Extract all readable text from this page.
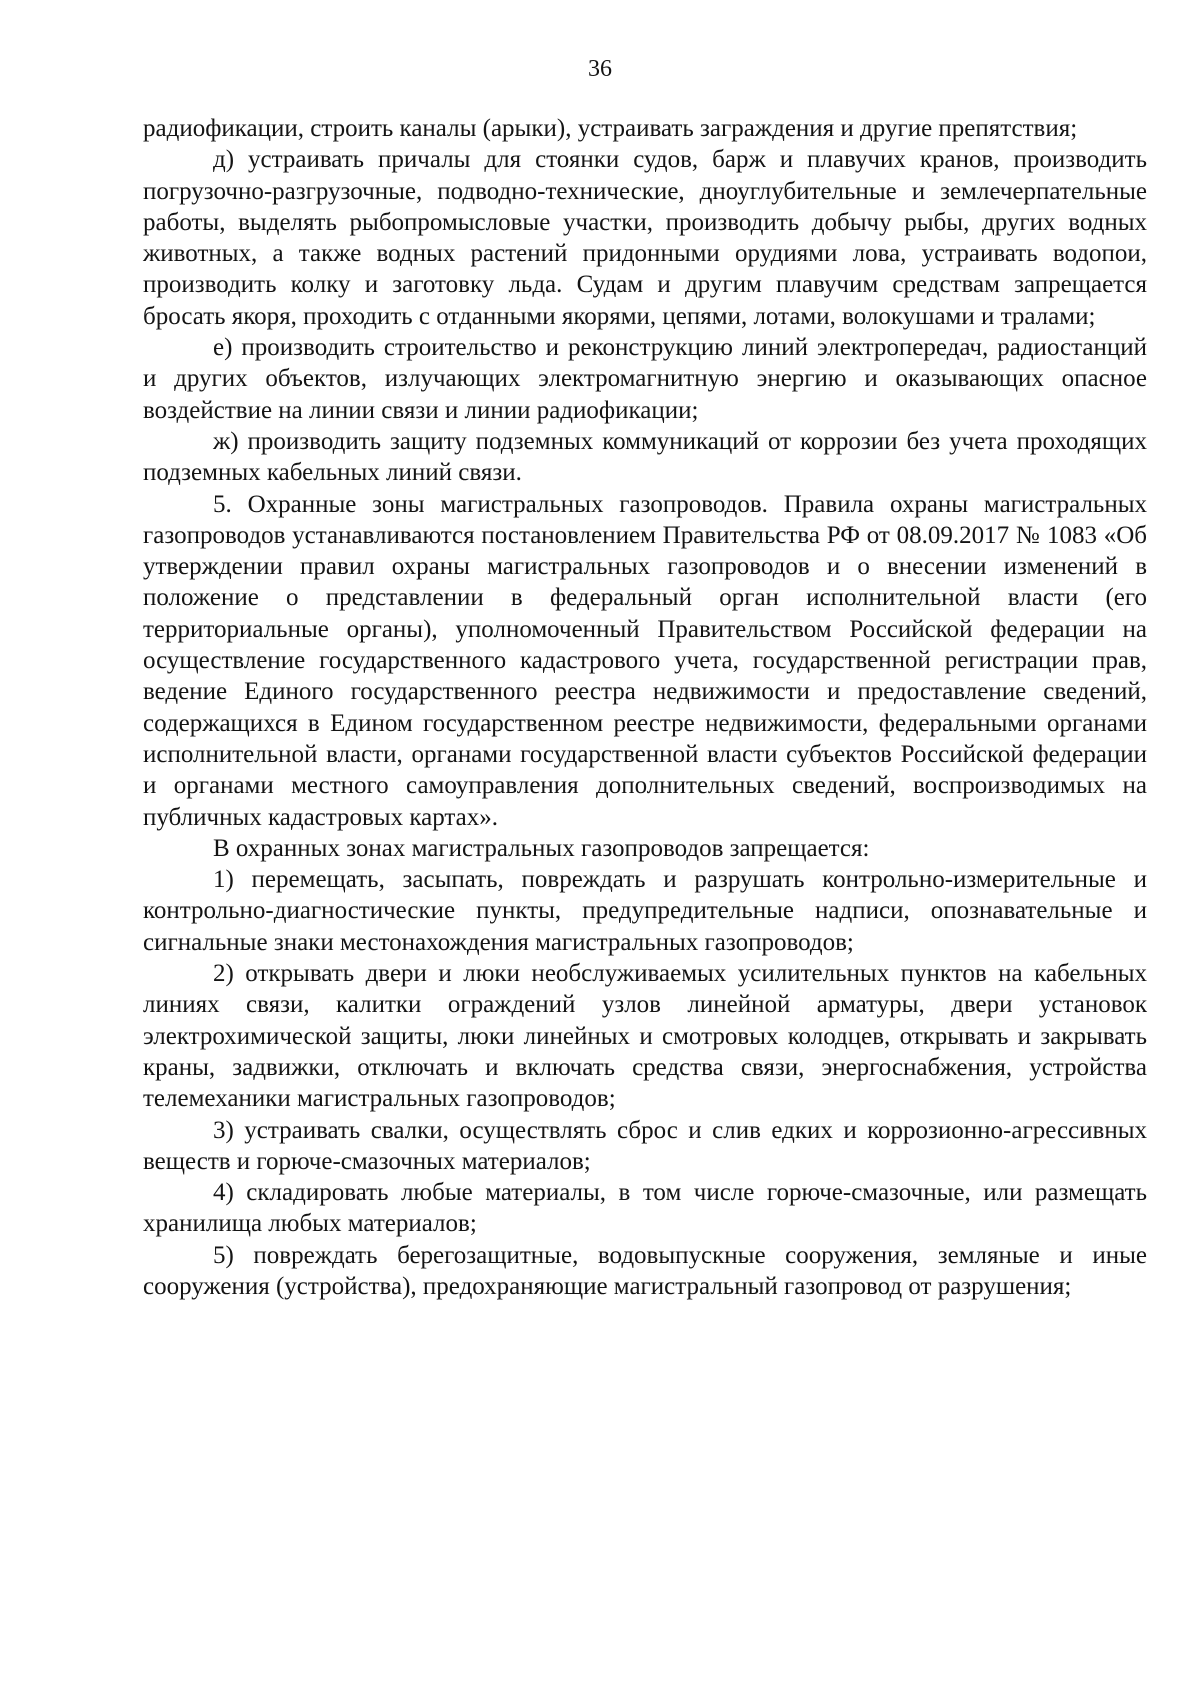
36

радиофикации, строить каналы (арыки), устраивать заграждения и другие препятствия;

д) устраивать причалы для стоянки судов, барж и плавучих кранов, производить погрузочно-разгрузочные, подводно-технические, дноуглубительные и землечерпательные работы, выделять рыбопромысловые участки, производить добычу рыбы, других водных животных, а также водных растений придонными орудиями лова, устраивать водопои, производить колку и заготовку льда. Судам и другим плавучим средствам запрещается бросать якоря, проходить с отданными якорями, цепями, лотами, волокушами и тралами;

е) производить строительство и реконструкцию линий электропередач, радиостанций и других объектов, излучающих электромагнитную энергию и оказывающих опасное воздействие на линии связи и линии радиофикации;

ж) производить защиту подземных коммуникаций от коррозии без учета проходящих подземных кабельных линий связи.

5. Охранные зоны магистральных газопроводов. Правила охраны магистральных газопроводов устанавливаются постановлением Правительства РФ от 08.09.2017 № 1083 «Об утверждении правил охраны магистральных газопроводов и о внесении изменений в положение о представлении в федеральный орган исполнительной власти (его территориальные органы), уполномоченный Правительством Российской федерации на осуществление государственного кадастрового учета, государственной регистрации прав, ведение Единого государственного реестра недвижимости и предоставление сведений, содержащихся в Едином государственном реестре недвижимости, федеральными органами исполнительной власти, органами государственной власти субъектов Российской федерации и органами местного самоуправления дополнительных сведений, воспроизводимых на публичных кадастровых картах».

В охранных зонах магистральных газопроводов запрещается:

1) перемещать, засыпать, повреждать и разрушать контрольно-измерительные и контрольно-диагностические пункты, предупредительные надписи, опознавательные и сигнальные знаки местонахождения магистральных газопроводов;

2) открывать двери и люки необслуживаемых усилительных пунктов на кабельных линиях связи, калитки ограждений узлов линейной арматуры, двери установок электрохимической защиты, люки линейных и смотровых колодцев, открывать и закрывать краны, задвижки, отключать и включать средства связи, энергоснабжения, устройства телемеханики магистральных газопроводов;

3) устраивать свалки, осуществлять сброс и слив едких и коррозионно-агрессивных веществ и горюче-смазочных материалов;

4) складировать любые материалы, в том числе горюче-смазочные, или размещать хранилища любых материалов;

5) повреждать берегозащитные, водовыпускные сооружения, земляные и иные сооружения (устройства), предохраняющие магистральный газопровод от разрушения;
